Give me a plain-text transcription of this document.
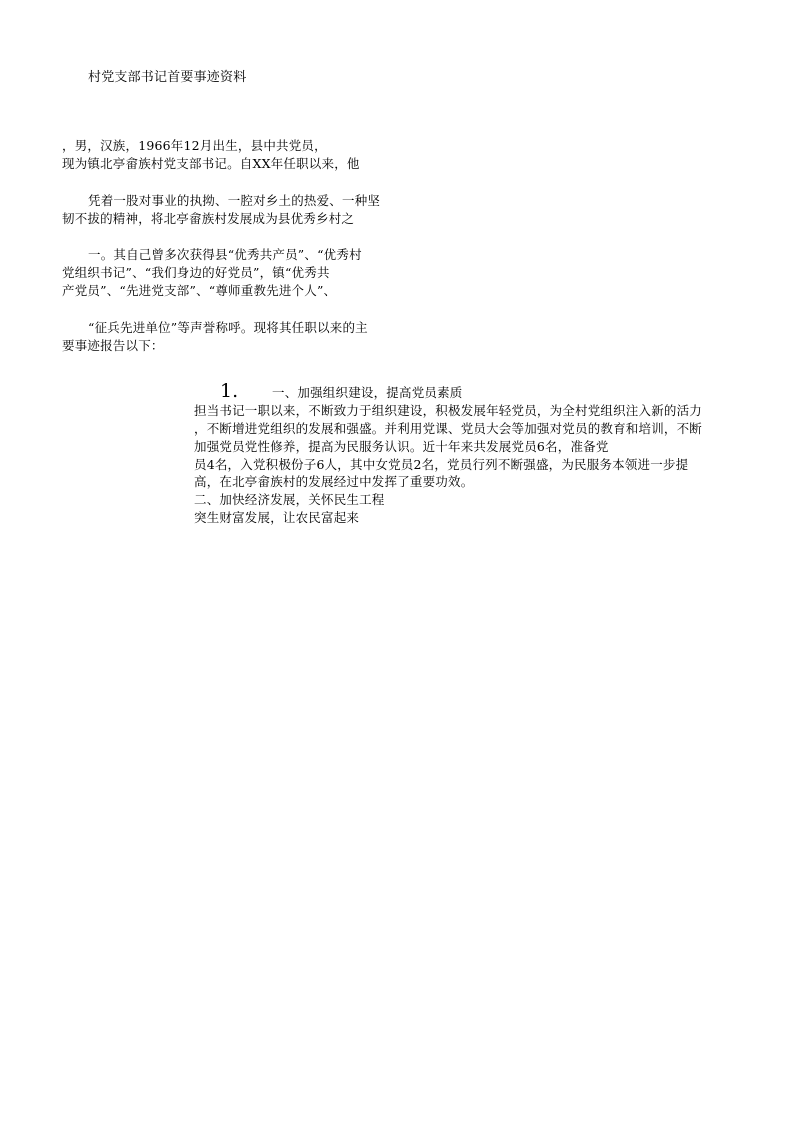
村党支部书记首要事迹资料
，男，汉族，1966年12月出生，县中共党员，
现为镇北亭畲族村党支部书记。自XX年任职以来，他
凭着一股对事业的执拗、一腔对乡土的热爱、一种坚
韧不拔的精神，将北亭畲族村发展成为县优秀乡村之
一。其自己曾多次获得县“优秀共产员”、“优秀村
党组织书记”、“我们身边的好党员”，镇“优秀共
产党员”、“先进党支部”、“尊师重教先进个人”、
“征兵先进单位”等声誉称呼。现将其任职以来的主
要事迹报告以下：
1.	一、加强组织建设，提高党员素质
担当书记一职以来，不断致力于组织建设，积极发展年轻党员，为全村党组织注入新的活力
，不断增进党组织的发展和强盛。并利用党课、党员大会等加强对党员的教育和培训，不断
加强党员党性修养，提高为民服务认识。近十年来共发展党员6名，准备党
员4名，入党积极份子6人，其中女党员2名，党员行列不断强盛，为民服务本领进一步提
高，在北亭畲族村的发展经过中发挥了重要功效。
二、加快经济发展，关怀民生工程
突生财富发展，让农民富起来
